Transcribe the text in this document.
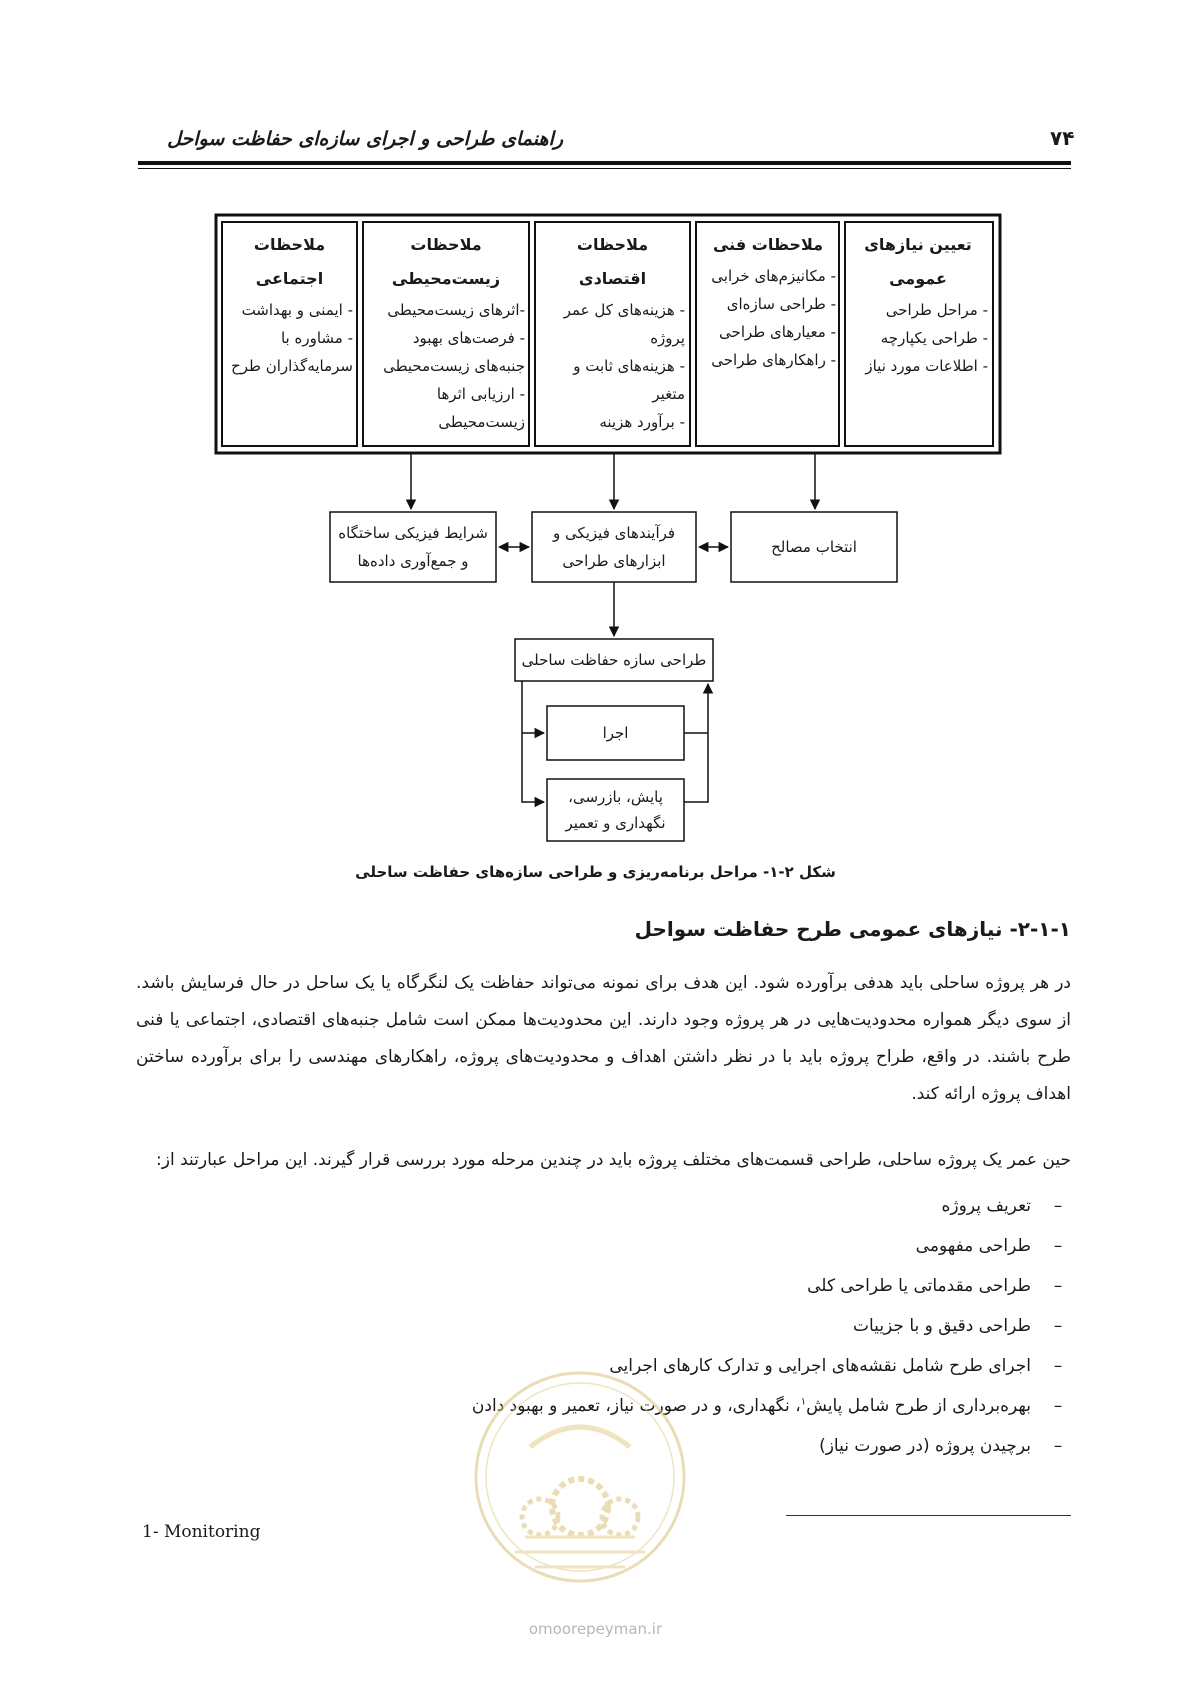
راهنمای طراحی و اجرای سازه‌ای حفاظت سواحل	۷۴
تعیین نیازهای
عمومی
- مراحل طراحی
- طراحی یکپارچه
- اطلاعات مورد نیاز
ملاحظات فنی
- مکانیزم‌های خرابی
- طراحی سازه‌ای
- معیارهای طراحی
- راهکارهای طراحی
ملاحظات
اقتصادی
- هزینه‌های کل عمر
پروژه
- هزینه‌های ثابت و
متغیر
- برآورد هزینه
ملاحظات
زیست‌محیطی
-اثرهای زیست‌محیطی
- فرصت‌های بهبود
جنبه‌های زیست‌محیطی
- ارزیابی اثرها
زیست‌محیطی
ملاحظات
اجتماعی
- ایمنی و بهداشت
- مشاوره با
سرمایه‌گذاران طرح
شرایط فیزیکی ساختگاه
و جمع‌آوری داده‌ها
فرآیندهای فیزیکی و
ابزارهای طراحی
انتخاب مصالح
طراحی سازه حفاظت ساحلی
اجرا
پایش، بازرسی،
نگهداری و تعمیر
شکل ۲-۱- مراحل برنامه‌ریزی و طراحی سازه‌های حفاظت ساحلی
۲-۱-۱- نیازهای عمومی طرح حفاظت سواحل
در هر پروژه ساحلی باید هدفی برآورده شود. این هدف برای نمونه می‌تواند حفاظت یک لنگرگاه یا یک ساحل در حال فرسایش باشد. از سوی دیگر همواره محدودیت‌هایی در هر پروژه وجود دارند. این محدودیت‌ها ممکن است شامل جنبه‌های اقتصادی، اجتماعی یا فنی طرح باشند. در واقع، طراح پروژه باید با در نظر داشتن اهداف و محدودیت‌های پروژه، راهکارهای مهندسی را برای برآورده ساختن اهداف پروژه ارائه کند.
حین عمر یک پروژه ساحلی، طراحی قسمت‌های مختلف پروژه باید در چندین مرحله مورد بررسی قرار گیرند. این مراحل عبارتند از:
–
تعریف پروژه
–
طراحی مفهومی
–
طراحی مقدماتی یا طراحی کلی
–
طراحی دقیق و با جزییات
–
اجرای طرح شامل نقشه‌های اجرایی و تدارک کارهای اجرایی
–
بهره‌برداری از طرح شامل پایش$^۱$، نگهداری، و در صورت نیاز، تعمیر و بهبود دادن
–
برچیدن پروژه (در صورت نیاز)
1- Monitoring
omoorepeyman.ir
